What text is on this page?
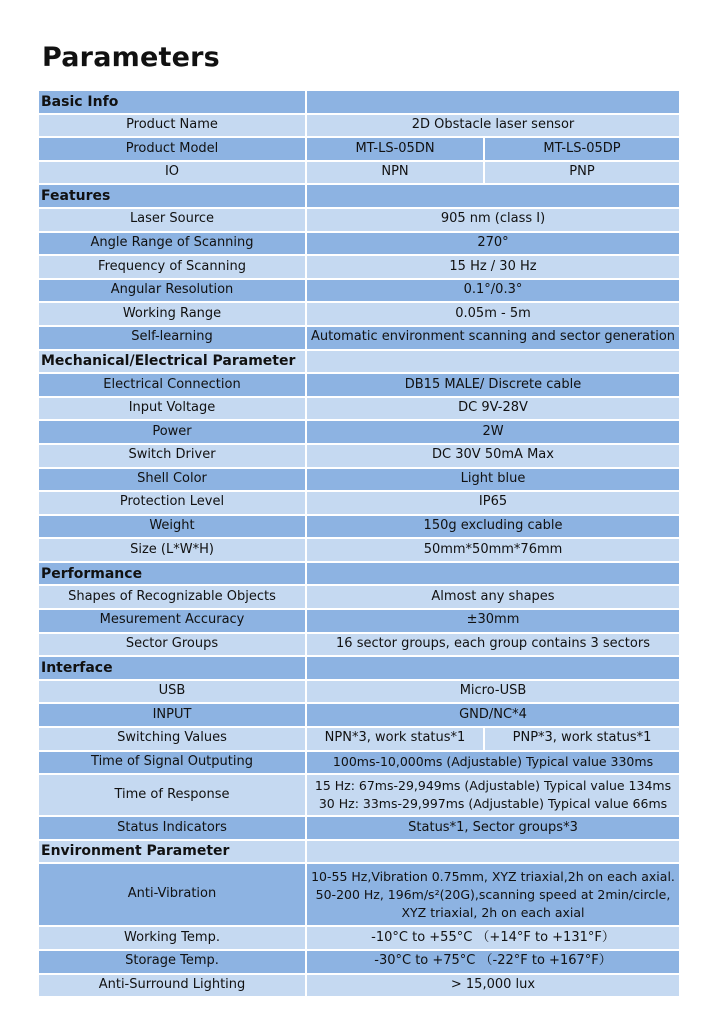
Parameters
Basic Info		
Product Name	2D Obstacle laser sensor	
Product Model	MT-LS-05DN	MT-LS-05DP
IO	NPN	PNP
Features		
Laser Source	905 nm (class I)	
Angle Range of Scanning	270°	
Frequency of Scanning	15 Hz / 30 Hz	
Angular Resolution	0.1°/0.3°	
Working Range	0.05m - 5m	
Self-learning	Automatic environment scanning and sector generation	
Mechanical/Electrical Parameter		
Electrical Connection	DB15 MALE/ Discrete cable	
Input Voltage	DC 9V-28V	
Power	2W	
Switch Driver	DC 30V 50mA Max	
Shell Color	Light blue	
Protection Level	IP65	
Weight	150g excluding cable	
Size (L*W*H)	50mm*50mm*76mm	
Performance		
Shapes of Recognizable Objects	Almost any shapes	
Mesurement Accuracy	±30mm	
Sector Groups	16 sector groups, each group contains 3 sectors	
Interface		
USB	Micro-USB	
INPUT	GND/NC*4	
Switching Values	NPN*3, work status*1	PNP*3, work status*1
Time of Signal Outputing	100ms-10,000ms (Adjustable) Typical value 330ms	
Time of Response	15 Hz: 67ms-29,949ms (Adjustable) Typical value 134ms
30 Hz: 33ms-29,997ms (Adjustable) Typical value 66ms	

Status Indicators	Status*1, Sector groups*3	
Environment Parameter		
Anti-Vibration	10-55 Hz,Vibration 0.75mm, XYZ triaxial,2h on each axial.
50-200 Hz, 196m/s²(20G),scanning speed at 2min/circle,
XYZ triaxial, 2h on each axial	

Working Temp.	-10°C to +55°C （+14°F to +131°F）	
Storage Temp.	-30°C to +75°C （-22°F to +167°F）	
Anti-Surround Lighting	> 15,000 lux	
